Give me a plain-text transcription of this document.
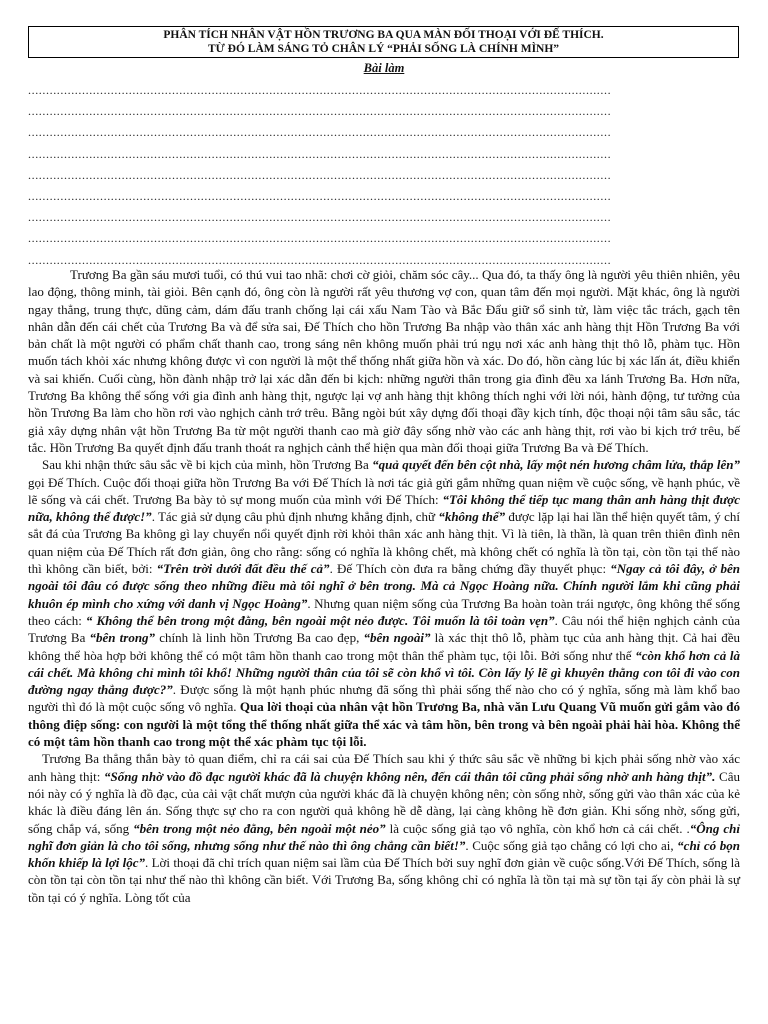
PHÂN TÍCH NHÂN VẬT HỒN TRƯƠNG BA QUA MÀN ĐỐI THOẠI VỚI ĐẾ THÍCH.
TỪ ĐÓ LÀM SÁNG TỎ CHÂN LÝ “PHẢI SỐNG LÀ CHÍNH MÌNH”
Bài làm
..................................................................................................................................................................
..................................................................................................................................................................
..................................................................................................................................................................
..................................................................................................................................................................
..................................................................................................................................................................
..................................................................................................................................................................
..................................................................................................................................................................
..................................................................................................................................................................
..................................................................................................................................................................

Trương Ba gần sáu mươi tuổi, có thú vui tao nhã: chơi cờ giỏi, chăm sóc cây... Qua đó, ta thấy ông là người yêu thiên nhiên, yêu lao động, thông minh, tài giỏi. Bên cạnh đó, ông còn là người rất yêu thương vợ con, quan tâm đến mọi người. Mặt khác, ông là người ngay thẳng, trung thực, dũng cảm, dám đấu tranh chống lại cái xấu Nam Tào và Bắc Đẩu giữ sổ sinh tử, làm việc tắc trách, gạch tên nhân dẫn đến cái chết của Trương Ba và để sửa sai, Đế Thích cho hồn Trương Ba nhập vào thân xác anh hàng thịt Hồn Trương Ba với bản chất là một người có phẩm chất thanh cao, trong sáng nên không muốn phải trú ngụ nơi xác anh hàng thịt thô lỗ, phàm tục. Hồn muốn tách khỏi xác nhưng không được vì con người là một thể thống nhất giữa hồn và xác. Do đó, hồn càng lúc bị xác lấn át, điều khiển và sai khiến. Cuối cùng, hồn đành nhập trở lại xác dẫn đến bi kịch: những người thân trong gia đình đều xa lánh Trương Ba. Hơn nữa, Trương Ba không thể sống với gia đình anh hàng thịt, ngược lại vợ anh hàng thịt không thích nghi với lời nói, hành động, tư tưởng của hồn Trương Ba làm cho hồn rơi vào nghịch cảnh trớ trêu. Bằng ngòi bút xây dựng đối thoại đầy kịch tính, độc thoại nội tâm sâu sắc, tác giả xây dựng nhân vật hồn Trương Ba từ một người thanh cao mà giờ đây sống nhờ vào các anh hàng thịt, rơi vào bi kịch trớ trêu, bế tắc. Hồn Trương Ba quyết định đấu tranh thoát ra nghịch cảnh thể hiện qua màn đối thoại giữa Trương Ba và Đế Thích.

Sau khi nhận thức sâu sắc về bi kịch của mình, hồn Trương Ba “quả quyết đến bên cột nhà, lấy một nén hương châm lửa, thắp lên” gọi Đế Thích. Cuộc đối thoại giữa hồn Trương Ba với Đế Thích là nơi tác giả gửi gắm những quan niệm về cuộc sống, về hạnh phúc, về lẽ sống và cái chết. Trương Ba bày tỏ sự mong muốn của mình với Đế Thích: “Tôi không thể tiếp tục mang thân anh hàng thịt được nữa, không thể được!”. Tác giả sử dụng câu phủ định nhưng khẳng định, chữ “không thể” được lặp lại hai lần thể hiện quyết tâm, ý chí sắt đá của Trương Ba không gì lay chuyển nổi quyết định rời khỏi thân xác anh hàng thịt. Vì là tiên, là thần, là quan trên thiên đình nên quan niệm của Đế Thích rất đơn giản, ông cho rằng: sống có nghĩa là không chết, mà không chết có nghĩa là tồn tại, còn tồn tại thế nào thì không cần biết, bởi: “Trên trời dưới đất đều thế cả”. Đế Thích còn đưa ra bằng chứng đầy thuyết phục: “Ngay cả tôi đây, ở bên ngoài tôi đâu có được sống theo những điều mà tôi nghĩ ở bên trong. Mà cả Ngọc Hoàng nữa. Chính người lắm khi cũng phải khuôn ép mình cho xứng với danh vị Ngọc Hoàng”. Nhưng quan niệm sống của Trương Ba hoàn toàn trái ngược, ông không thể sống theo cách: “ Không thể bên trong một đằng, bên ngoài một nẻo được. Tôi muốn là tôi toàn vẹn”. Câu nói thể hiện nghịch cảnh của Trương Ba “bên trong” chính là linh hồn Trương Ba cao đẹp, “bên ngoài” là xác thịt thô lỗ, phàm tục của anh hàng thịt. Cả hai đều không thể hòa hợp bởi không thể có một tâm hồn thanh cao trong một thân thể phàm tục, tội lỗi. Bởi sống như thế “còn khổ hơn cả là cái chết. Mà không chỉ mình tôi khổ! Những người thân của tôi sẽ còn khổ vì tôi. Còn lấy lý lẽ gì khuyên thằng con tôi đi vào con đường ngay thẳng được?”. Được sống là một hạnh phúc nhưng đã sống thì phải sống thế nào cho có ý nghĩa, sống mà làm khổ bao người thì đó là một cuộc sống vô nghĩa. Qua lời thoại của nhân vật hồn Trương Ba, nhà văn Lưu Quang Vũ muốn gửi gắm vào đó thông điệp sống: con người là một tổng thể thống nhất giữa thể xác và tâm hồn, bên trong và bên ngoài phải hài hòa. Không thể có một tâm hồn thanh cao trong một thể xác phàm tục tội lỗi.

Trương Ba thẳng thắn bày tỏ quan điểm, chỉ ra cái sai của Đế Thích sau khi ý thức sâu sắc về những bi kịch phải sống nhờ vào xác anh hàng thịt: “Sống nhờ vào đồ đạc người khác đã là chuyện không nên, đến cái thân tôi cũng phải sống nhờ anh hàng thịt”. Câu nói này có ý nghĩa là đồ đạc, của cải vật chất mượn của người khác đã là chuyện không nên; còn sống nhờ, sống gửi vào thân xác của kẻ khác là điều đáng lên án. Sống thực sự cho ra con người quả không hề dễ dàng, lại càng không hề đơn giản. Khi sống nhờ, sống gửi, sống chắp vá, sống “bên trong một nẻo đằng, bên ngoài một nẻo” là cuộc sống giả tạo vô nghĩa, còn khổ hơn cả cái chết. .“Ông chỉ nghĩ đơn giản là cho tôi sống, nhưng sống như thế nào thì ông chẳng cần biết!”. Cuộc sống giả tạo chẳng có lợi cho ai, “chỉ có bọn khốn khiếp là lợi lộc”. Lời thoại đã chỉ trích quan niệm sai lầm của Đế Thích bởi suy nghĩ đơn giản về cuộc sống.Với Đế Thích, sống là còn tồn tại còn tồn tại như thế nào thì không cần biết. Với Trương Ba, sống không chỉ có nghĩa là tồn tại mà sự tồn tại ấy còn phải là sự tồn tại có ý nghĩa. Lòng tốt của
